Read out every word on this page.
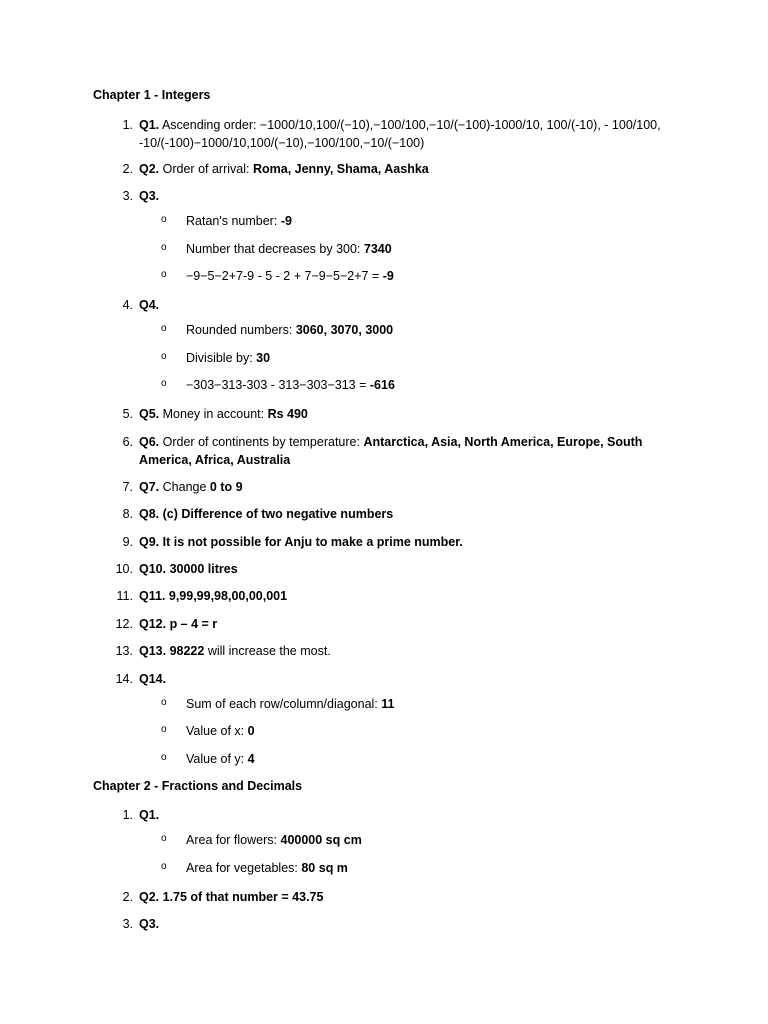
Chapter 1 - Integers
1. Q1. Ascending order: −1000/10,100/(−10),−100/100,−10/(−100)-1000/10, 100/(-10), - 100/100, -10/(-100)−1000/10,100/(−10),−100/100,−10/(−100)
2. Q2. Order of arrival: Roma, Jenny, Shama, Aashka
3. Q3.
o Ratan's number: -9
o Number that decreases by 300: 7340
o −9−5−2+7-9 - 5 - 2 + 7−9−5−2+7 = -9
4. Q4.
o Rounded numbers: 3060, 3070, 3000
o Divisible by: 30
o −303−313-303 - 313−303−313 = -616
5. Q5. Money in account: Rs 490
6. Q6. Order of continents by temperature: Antarctica, Asia, North America, Europe, South America, Africa, Australia
7. Q7. Change 0 to 9
8. Q8. (c) Difference of two negative numbers
9. Q9. It is not possible for Anju to make a prime number.
10. Q10. 30000 litres
11. Q11. 9,99,99,98,00,00,001
12. Q12. p – 4 = r
13. Q13. 98222 will increase the most.
14. Q14.
o Sum of each row/column/diagonal: 11
o Value of x: 0
o Value of y: 4
Chapter 2 - Fractions and Decimals
1. Q1.
o Area for flowers: 400000 sq cm
o Area for vegetables: 80 sq m
2. Q2. 1.75 of that number = 43.75
3. Q3.
